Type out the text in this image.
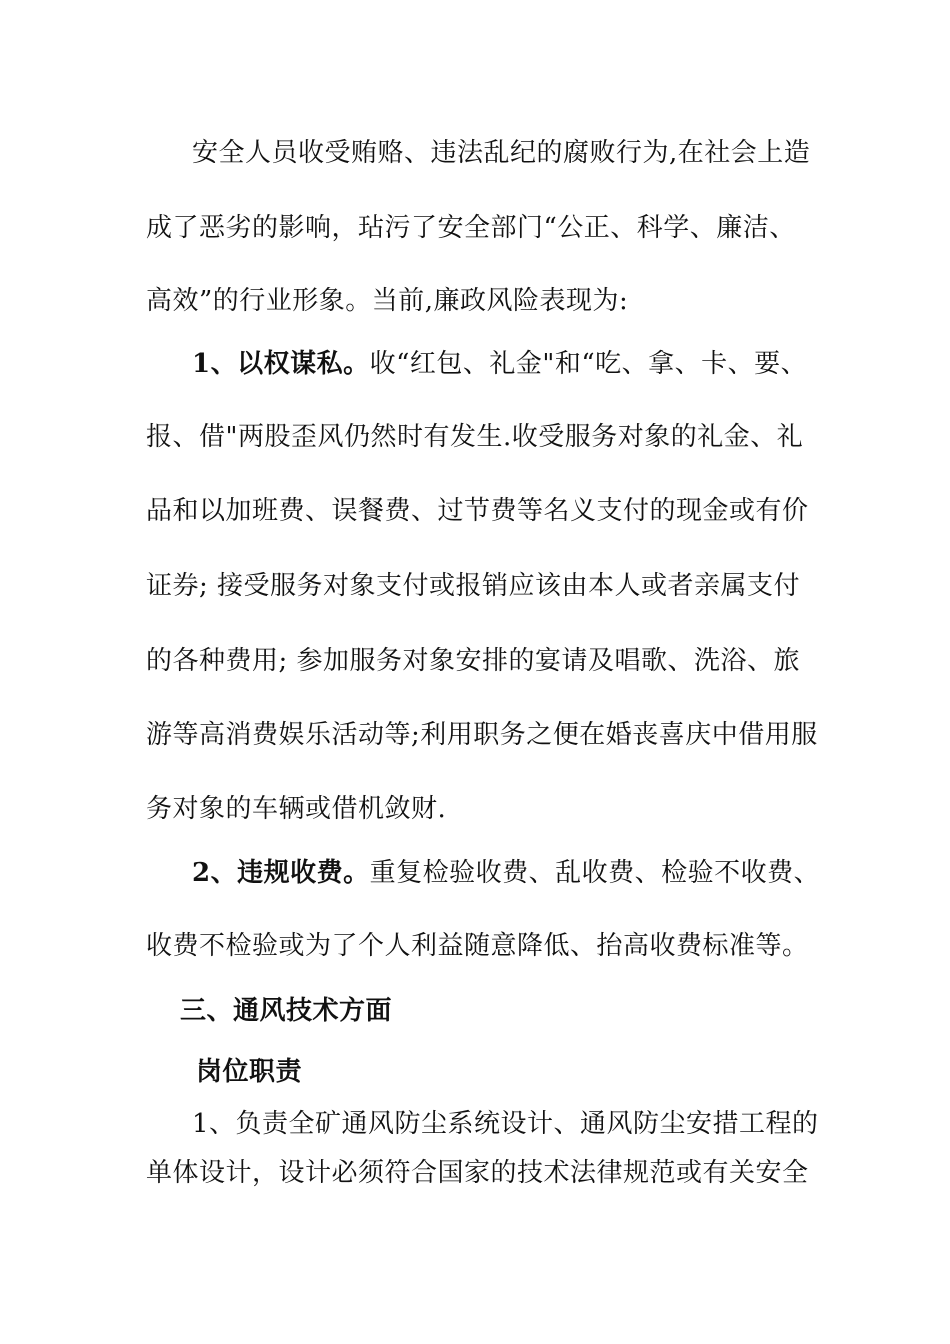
安全人员收受贿赂、违法乱纪的腐败行为,在社会上造
成了恶劣的影响，玷污了安全部门“公正、科学、廉洁、
高效”的行业形象。当前,廉政风险表现为:
1、以权谋私。收“红包、礼金"和“吃、拿、卡、要、
报、借"两股歪风仍然时有发生.收受服务对象的礼金、礼
品和以加班费、误餐费、过节费等名义支付的现金或有价
证券; 接受服务对象支付或报销应该由本人或者亲属支付
的各种费用; 参加服务对象安排的宴请及唱歌、洗浴、旅
游等高消费娱乐活动等;利用职务之便在婚丧喜庆中借用服
务对象的车辆或借机敛财.
2、违规收费。重复检验收费、乱收费、检验不收费、
收费不检验或为了个人利益随意降低、抬高收费标准等。
三、通风技术方面
岗位职责
1、负责全矿通风防尘系统设计、通风防尘安措工程的
单体设计，设计必须符合国家的技术法律规范或有关安全
